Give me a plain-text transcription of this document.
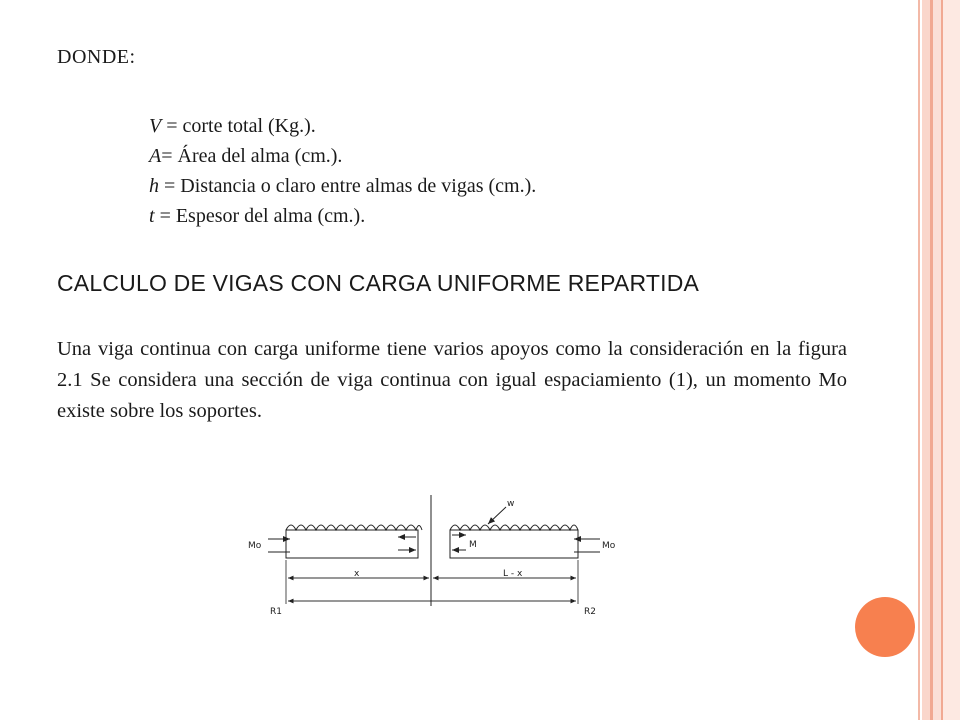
DONDE:
V = corte total (Kg.).
A= Área del alma (cm.).
h = Distancia o claro entre almas de vigas (cm.).
t = Espesor del alma (cm.).
CALCULO DE VIGAS CON CARGA UNIFORME REPARTIDA
Una viga continua con carga uniforme tiene varios apoyos como la consideración en la figura 2.1 Se considera una sección de viga continua con igual espaciamiento (1), un momento Mo existe sobre los soportes.
w
Mo	M	Mo
x	L - x
R1	R2
